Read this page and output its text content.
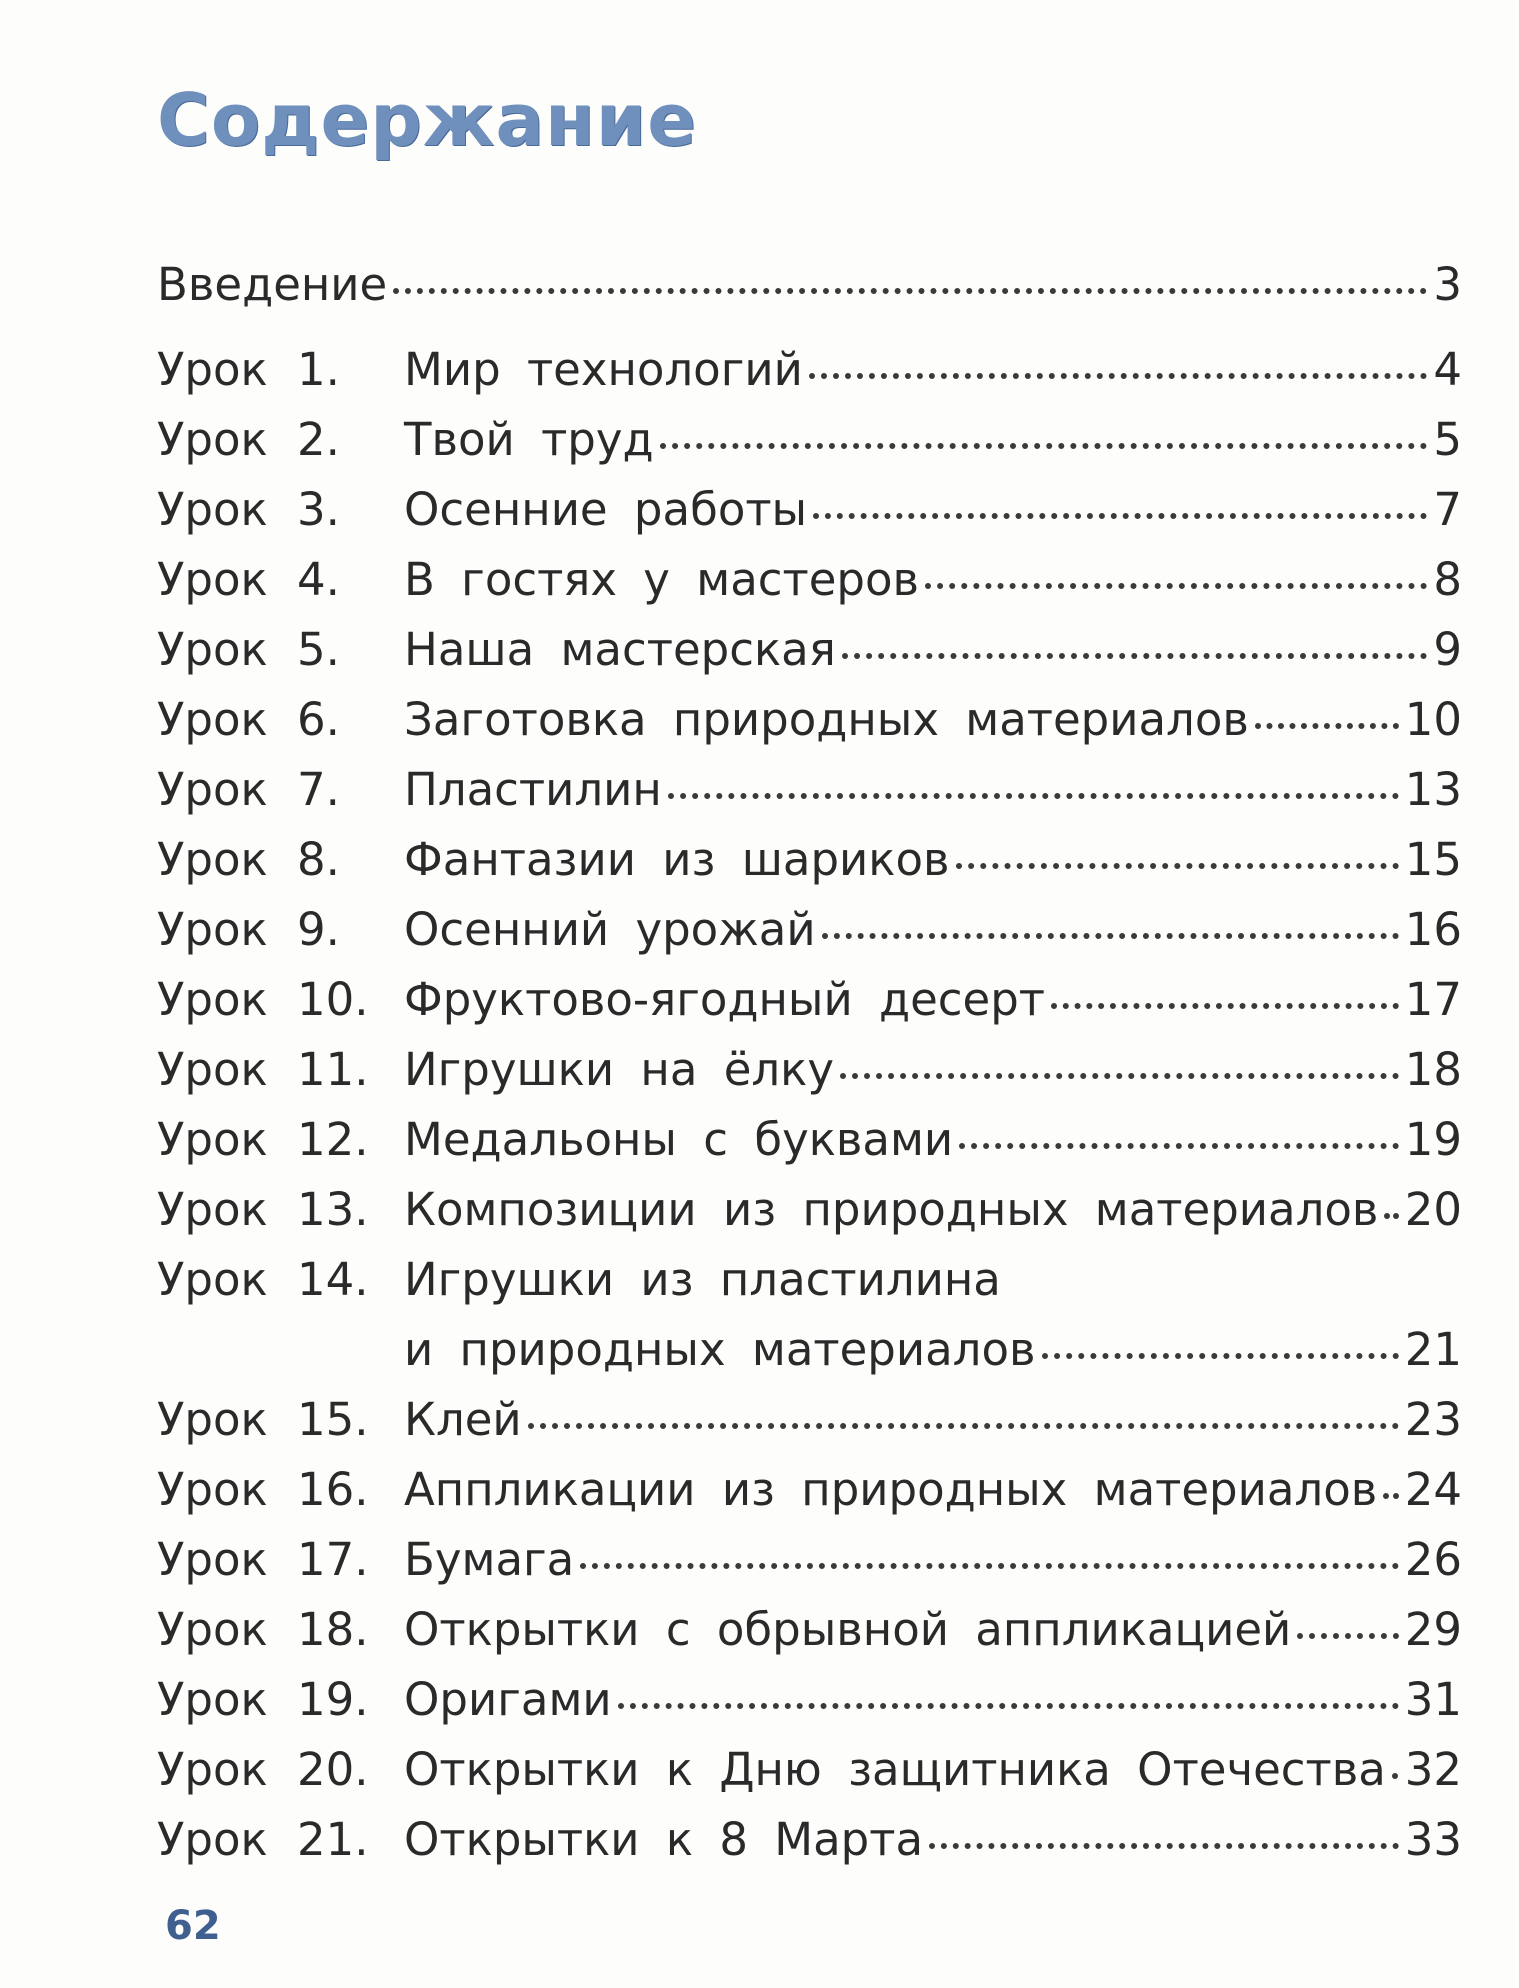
Содержание
Введение	3
Урок 1.	Мир технологий	4
Урок 2.	Твой труд	5
Урок 3.	Осенние работы	7
Урок 4.	В гостях у мастеров	8
Урок 5.	Наша мастерская	9
Урок 6.	Заготовка природных материалов	10
Урок 7.	Пластилин	13
Урок 8.	Фантазии из шариков	15
Урок 9.	Осенний урожай	16
Урок 10. Фруктово-ягодный десерт	17
Урок 11. Игрушки на ёлку	18
Урок 12. Медальоны с буквами	19
Урок 13. Композиции из природных материалов 20
Урок 14. Игрушки из пластилина
и природных материалов	21
Урок 15. Клей	23
Урок 16. Аппликации из природных материалов 24
Урок 17. Бумага	26
Урок 18. Открытки с обрывной аппликацией	29
Урок 19. Оригами	31
Урок 20. Открытки к Дню защитника Отечества 32
Урок 21. Открытки к 8 Марта	33
62
